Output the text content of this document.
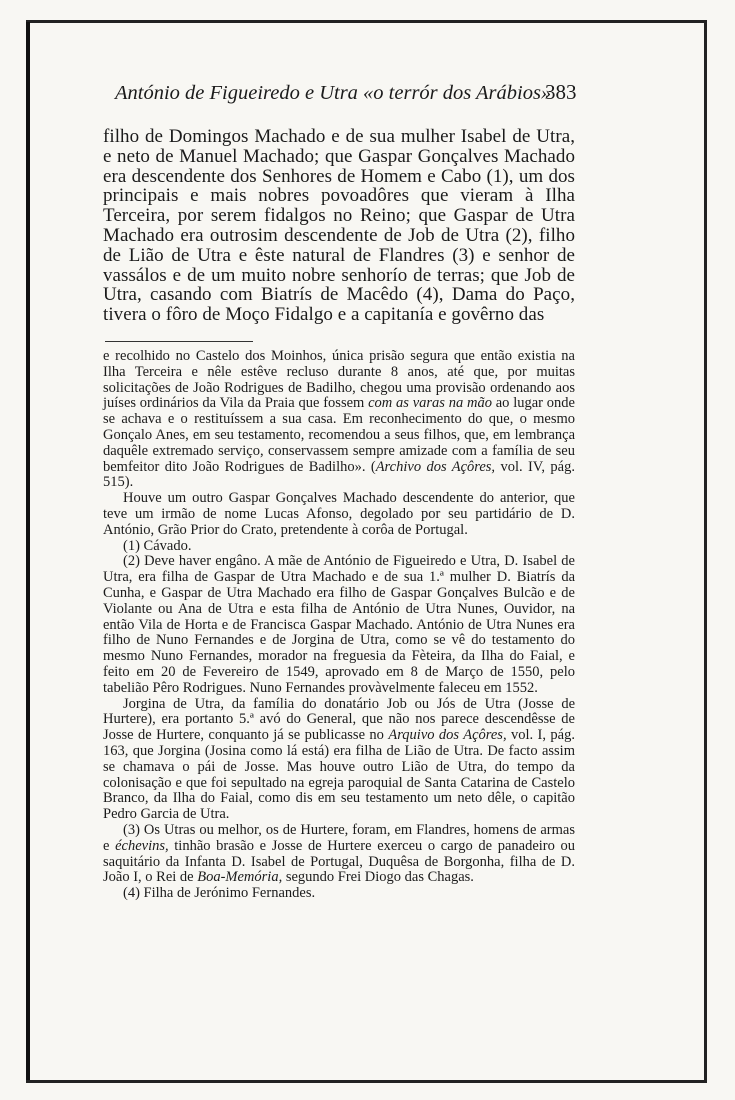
António de Figueiredo e Utra «o terrór dos Arábios»
383

filho de Domingos Machado e de sua mulher Isabel de Utra, e neto de Manuel Machado; que Gaspar Gonçalves Machado era descendente dos Senhores de Homem e Cabo (1), um dos principais e mais nobres povoadôres que vieram à Ilha Terceira, por serem fidalgos no Reino; que Gaspar de Utra Machado era outrosim descendente de Job de Utra (2), filho de Lião de Utra e êste natural de Flandres (3) e senhor de vassálos e de um muito nobre senhorío de terras; que Job de Utra, casando com Biatrís de Macêdo (4), Dama do Paço, tivera o fôro de Moço Fidalgo e a capitanía e govêrno das

e recolhido no Castelo dos Moinhos, única prisão segura que então existia na Ilha Terceira e nêle estêve recluso durante 8 anos, até que, por muitas solicitações de João Rodrigues de Badilho, chegou uma provisão ordenando aos juíses ordinários da Vila da Praia que fossem com as varas na mão ao lugar onde se achava e o restituíssem a sua casa. Em reconhecimento do que, o mesmo Gonçalo Anes, em seu testamento, recomendou a seus filhos, que, em lembrança daquêle extremado serviço, conservassem sempre amizade com a família de seu bemfeitor dito João Rodrigues de Badilho». (Archivo dos Açôres, vol. IV, pág. 515).

Houve um outro Gaspar Gonçalves Machado descendente do anterior, que teve um irmão de nome Lucas Afonso, degolado por seu partidário de D. António, Grão Prior do Crato, pretendente à corôa de Portugal.

(1) Cávado.

(2) Deve haver engâno. A mãe de António de Figueiredo e Utra, D. Isabel de Utra, era filha de Gaspar de Utra Machado e de sua 1.ª mulher D. Biatrís da Cunha, e Gaspar de Utra Machado era filho de Gaspar Gonçalves Bulcão e de Violante ou Ana de Utra e esta filha de António de Utra Nunes, Ouvidor, na então Vila de Horta e de Francisca Gaspar Machado. António de Utra Nunes era filho de Nuno Fernandes e de Jorgina de Utra, como se vê do testamento do mesmo Nuno Fernandes, morador na freguesia da Fèteira, da Ilha do Faial, e feito em 20 de Fevereiro de 1549, aprovado em 8 de Março de 1550, pelo tabelião Pêro Rodrigues. Nuno Fernandes provàvelmente faleceu em 1552.

Jorgina de Utra, da família do donatário Job ou Jós de Utra (Josse de Hurtere), era portanto 5.ª avó do General, que não nos parece descendêsse de Josse de Hurtere, conquanto já se publicasse no Arquivo dos Açôres, vol. I, pág. 163, que Jorgina (Josina como lá está) era filha de Lião de Utra. De facto assim se chamava o pái de Josse. Mas houve outro Lião de Utra, do tempo da colonisação e que foi sepultado na egreja paroquial de Santa Catarina de Castelo Branco, da Ilha do Faial, como dis em seu testamento um neto dêle, o capitão Pedro Garcia de Utra.

(3) Os Utras ou melhor, os de Hurtere, foram, em Flandres, homens de armas e échevins, tinhão brasão e Josse de Hurtere exerceu o cargo de panadeiro ou saquitário da Infanta D. Isabel de Portugal, Duquêsa de Borgonha, filha de D. João I, o Rei de Boa-Memória, segundo Frei Diogo das Chagas.

(4) Filha de Jerónimo Fernandes.
